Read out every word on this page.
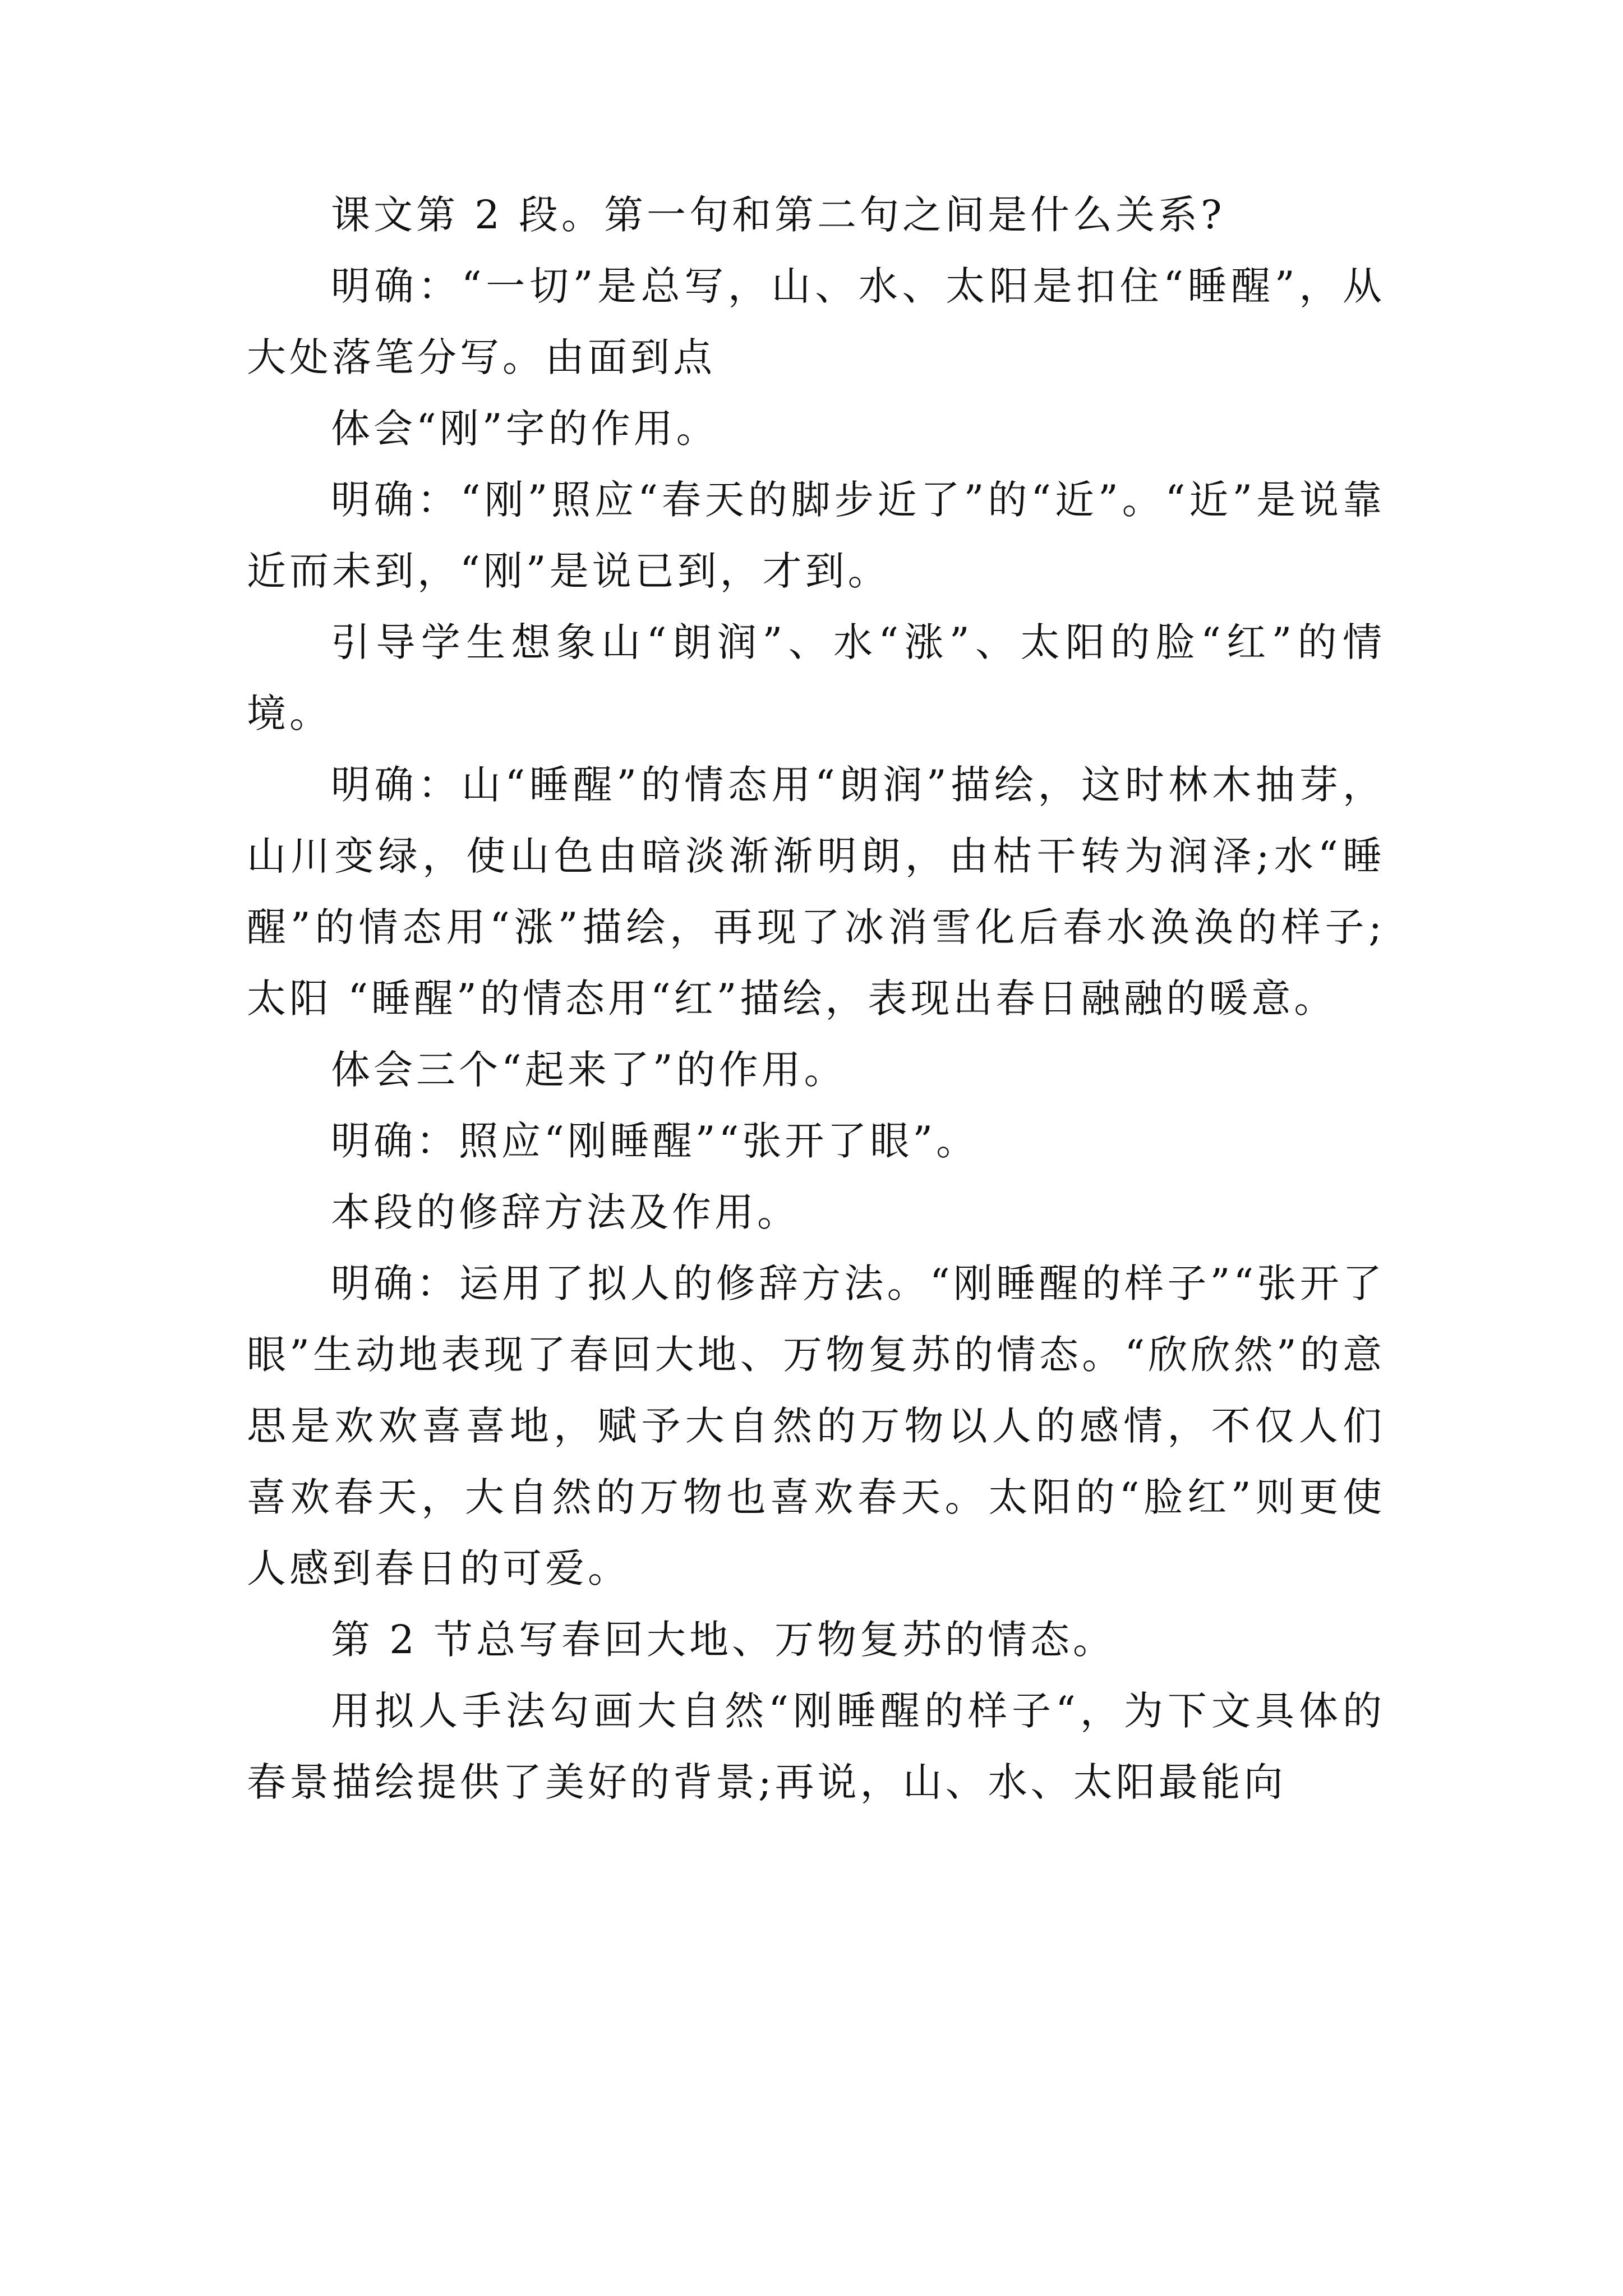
课文第 2 段。第一句和第二句之间是什么关系?

明确：“一切”是总写，山、水、太阳是扣住“睡醒”，从大处落笔分写。由面到点

体会“刚”字的作用。

明确：“刚”照应“春天的脚步近了”的“近”。“近”是说靠近而未到，“刚”是说已到，才到。

引导学生想象山“朗润”、水“涨”、太阳的脸“红”的情境。

明确：山“睡醒”的情态用“朗润”描绘，这时林木抽芽，山川变绿，使山色由暗淡渐渐明朗，由枯干转为润泽;水“睡醒”的情态用“涨”描绘，再现了冰消雪化后春水涣涣的样子;太阳 “睡醒”的情态用“红”描绘，表现出春日融融的暖意。

体会三个“起来了”的作用。

明确：照应“刚睡醒”“张开了眼”。

本段的修辞方法及作用。

明确：运用了拟人的修辞方法。“刚睡醒的样子”“张开了眼”生动地表现了春回大地、万物复苏的情态。“欣欣然”的意思是欢欢喜喜地，赋予大自然的万物以人的感情，不仅人们喜欢春天，大自然的万物也喜欢春天。太阳的“脸红”则更使人感到春日的可爱。

第 2 节总写春回大地、万物复苏的情态。

用拟人手法勾画大自然“刚睡醒的样子“，为下文具体的春景描绘提供了美好的背景;再说，山、水、太阳最能向
